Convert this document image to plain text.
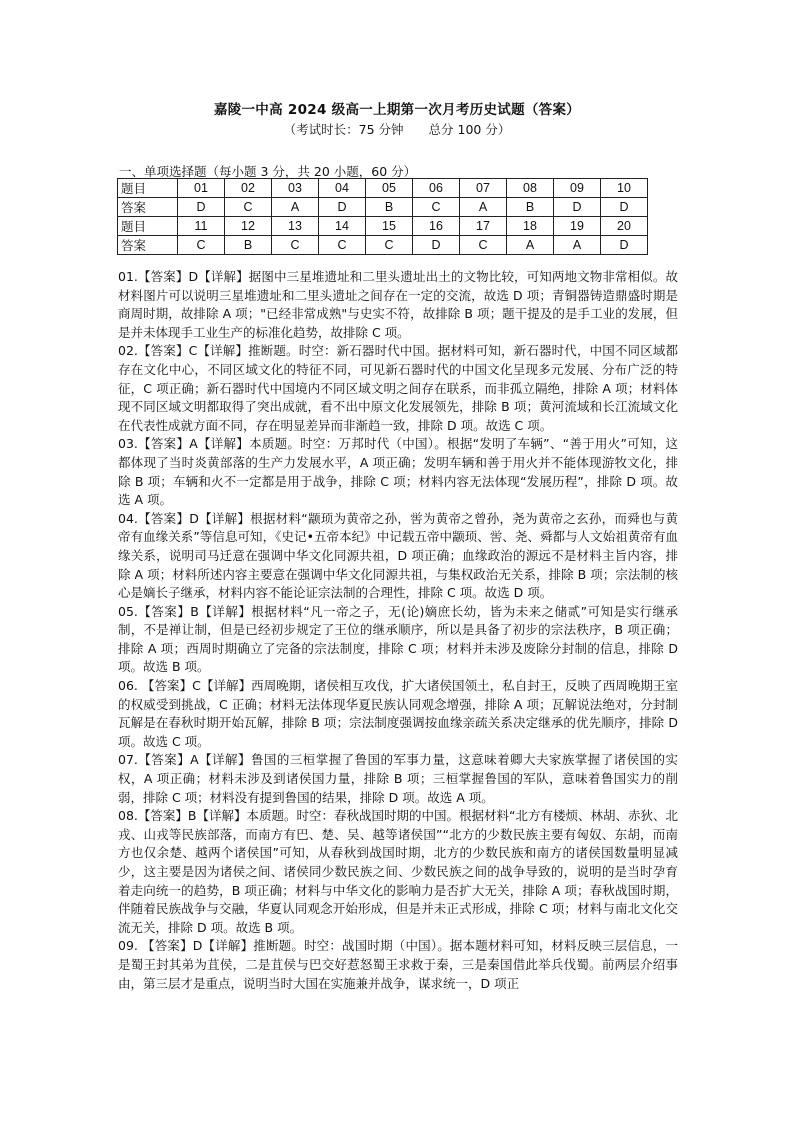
嘉陵一中高 2024 级高一上期第一次月考历史试题（答案）
（考试时长：75 分钟　　总分 100 分）
一、单项选择题（每小题 3 分，共 20 小题，60 分）
题目	01	02	03	04	05	06	07	08	09	10
答案	D	C	A	D	B	C	A	B	D	D
题目	11	12	13	14	15	16	17	18	19	20
答案	C	B	C	C	C	D	C	A	A	D

01.【答案】D【详解】据图中三星堆遗址和二里头遗址出土的文物比较，可知两地文物非常相似。故材料图片可以说明三星堆遗址和二里头遗址之间存在一定的交流，故选 D 项；青铜器铸造鼎盛时期是商周时期，故排除 A 项；"已经非常成熟"与史实不符，故排除 B 项；题干提及的是手工业的发展，但是并未体现手工业生产的标准化趋势，故排除 C 项。

02.【答案】C【详解】推断题。时空：新石器时代中国。据材料可知，新石器时代，中国不同区域都存在文化中心，不同区域文化的特征不同，可见新石器时代的中国文化呈现多元发展、分布广泛的特征，C 项正确；新石器时代中国境内不同区域文明之间存在联系，而非孤立隔绝，排除 A 项；材料体现不同区域文明都取得了突出成就，看不出中原文化发展领先，排除 B 项；黄河流域和长江流域文化在代表性成就方面不同，存在明显差异而非渐趋一致，排除 D 项。故选 C 项。

03.【答案】A【详解】本质题。时空：万邦时代（中国）。根据“发明了车辆”、“善于用火”可知，这都体现了当时炎黄部落的生产力发展水平，A 项正确；发明车辆和善于用火并不能体现游牧文化，排除 B 项；车辆和火不一定都是用于战争，排除 C 项；材料内容无法体现“发展历程”，排除 D 项。故选 A 项。

04.【答案】D【详解】根据材料“颛顼为黄帝之孙，喾为黄帝之曾孙，尧为黄帝之玄孙，而舜也与黄帝有血缘关系”等信息可知，《史记•五帝本纪》中记载五帝中颛顼、喾、尧、舜都与人文始祖黄帝有血缘关系，说明司马迁意在强调中华文化同源共祖，D 项正确；血缘政治的源远不是材料主旨内容，排除 A 项；材料所述内容主要意在强调中华文化同源共祖，与集权政治无关系，排除 B 项；宗法制的核心是嫡长子继承，材料内容不能论证宗法制的合理性，排除 C 项。故选 D 项。

05.【答案】B【详解】根据材料“凡一帝之子，无(论)嫡庶长幼，皆为未来之储贰”可知是实行继承制，不是禅让制，但是已经初步规定了王位的继承顺序，所以是具备了初步的宗法秩序，B 项正确；排除 A 项；西周时期确立了完备的宗法制度，排除 C 项；材料并未涉及废除分封制的信息，排除 D 项。故选 B 项。

06. 【答案】C【详解】西周晚期，诸侯相互攻伐，扩大诸侯国领土，私自封王，反映了西周晚期王室的权威受到挑战，C 正确；材料无法体现华夏民族认同观念增强，排除 A 项；瓦解说法绝对，分封制瓦解是在春秋时期开始瓦解，排除 B 项；宗法制度强调按血缘亲疏关系决定继承的优先顺序，排除 D 项。故选 C 项。

07.【答案】A【详解】鲁国的三桓掌握了鲁国的军事力量，这意味着卿大夫家族掌握了诸侯国的实权，A 项正确；材料未涉及到诸侯国力量，排除 B 项；三桓掌握鲁国的军队，意味着鲁国实力的削弱，排除 C 项；材料没有提到鲁国的结果，排除 D 项。故选 A 项。

08.【答案】B【详解】本质题。时空：春秋战国时期的中国。根据材料“北方有楼烦、林胡、赤狄、北戎、山戎等民族部落，而南方有巴、楚、吴、越等诸侯国”“北方的少数民族主要有匈奴、东胡，而南方也仅余楚、越两个诸侯国”可知，从春秋到战国时期，北方的少数民族和南方的诸侯国数量明显减少，这主要是因为诸侯之间、诸侯同少数民族之间、少数民族之间的战争导致的，说明的是当时孕育着走向统一的趋势，B 项正确；材料与中华文化的影响力是否扩大无关，排除 A 项；春秋战国时期，伴随着民族战争与交融，华夏认同观念开始形成，但是并未正式形成，排除 C 项；材料与南北文化交流无关，排除 D 项。故选 B 项。

09. 【答案】D【详解】推断题。时空：战国时期（中国）。据本题材料可知，材料反映三层信息，一是蜀王封其弟为苴侯，二是苴侯与巴交好惹怒蜀王求救于秦，三是秦国借此举兵伐蜀。前两层介绍事由，第三层才是重点，说明当时大国在实施兼并战争，谋求统一，D 项正
